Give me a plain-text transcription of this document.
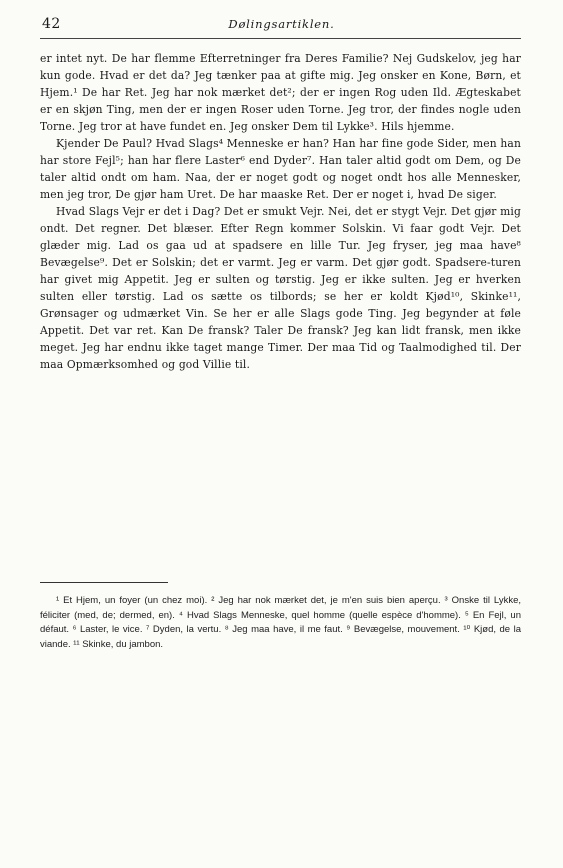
42	Dølingsartiklen.

er intet nyt. De har flemme Efterretninger fra Deres Familie? Nej Gudskelov, jeg har kun gode. Hvad er det da? Jeg tænker paa at gifte mig. Jeg onsker en Kone, Børn, et Hjem.¹ De har Ret. Jeg har nok mærket det²; der er ingen Rog uden Ild. Ægteskabet er en skjøn Ting, men der er ingen Roser uden Torne. Jeg tror, der findes nogle uden Torne. Jeg tror at have fundet en. Jeg onsker Dem til Lykke³. Hils hjemme.

Kjender De Paul? Hvad Slags⁴ Menneske er han? Han har fine gode Sider, men han har store Fejl⁵; han har flere Laster⁶ end Dyder⁷. Han taler altid godt om Dem, og De taler altid ondt om ham. Naa, der er noget godt og noget ondt hos alle Mennesker, men jeg tror, De gjør ham Uret. De har maaske Ret. Der er noget i, hvad De siger.

Hvad Slags Vejr er det i Dag? Det er smukt Vejr. Nei, det er stygt Vejr. Det gjør mig ondt. Det regner. Det blæser. Efter Regn kommer Solskin. Vi faar godt Vejr. Det glæder mig. Lad os gaa ud at spadsere en lille Tur. Jeg fryser, jeg maa have⁸ Bevægelse⁹. Det er Solskin; det er varmt. Jeg er varm. Det gjør godt. Spadsere-turen har givet mig Appetit. Jeg er sulten og tørstig. Jeg er ikke sulten. Jeg er hverken sulten eller tørstig. Lad os sætte os tilbords; se her er koldt Kjød¹⁰, Skinke¹¹, Grønsager og udmærket Vin. Se her er alle Slags gode Ting. Jeg begynder at føle Appetit. Det var ret. Kan De fransk? Taler De fransk? Jeg kan lidt fransk, men ikke meget. Jeg har endnu ikke taget mange Timer. Der maa Tid og Taalmodighed til. Der maa Opmærksomhed og god Villie til.

¹ Et Hjem, un foyer (un chez moi). ² Jeg har nok mærket det, je m'en suis bien aperçu. ³ Onske til Lykke, féliciter (med, de; dermed, en). ⁴ Hvad Slags Menneske, quel homme (quelle espèce d'homme). ⁵ En Fejl, un défaut. ⁶ Laster, le vice. ⁷ Dyden, la vertu. ⁸ Jeg maa have, il me faut. ⁹ Bevægelse, mouvement. ¹⁰ Kjød, de la viande. ¹¹ Skinke, du jambon.
